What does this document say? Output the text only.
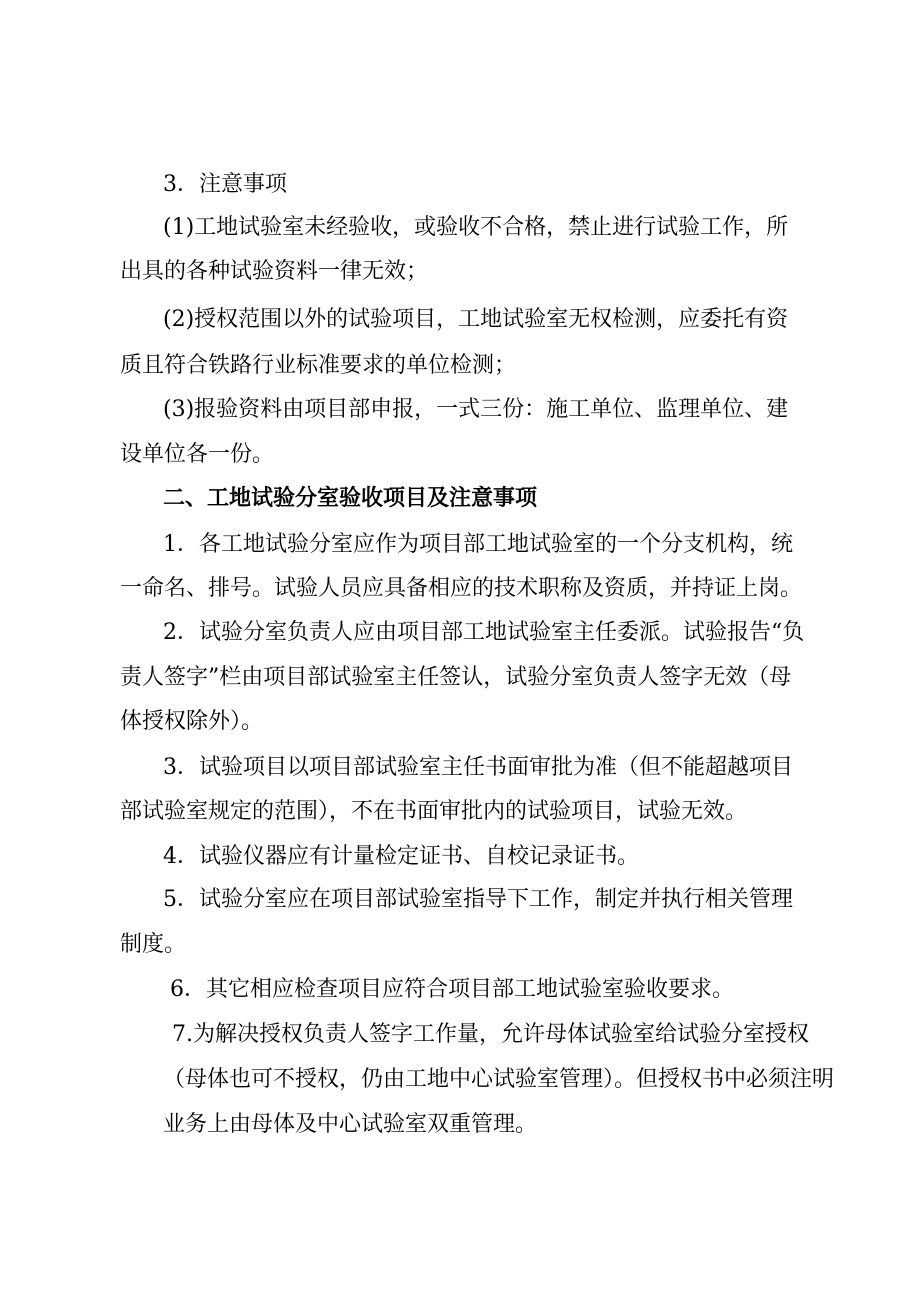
3．注意事项
(1)工地试验室未经验收，或验收不合格，禁止进行试验工作，所
出具的各种试验资料一律无效；
(2)授权范围以外的试验项目，工地试验室无权检测，应委托有资
质且符合铁路行业标准要求的单位检测；
(3)报验资料由项目部申报，一式三份：施工单位、监理单位、建
设单位各一份。
二、工地试验分室验收项目及注意事项
1．各工地试验分室应作为项目部工地试验室的一个分支机构，统
一命名、排号。试验人员应具备相应的技术职称及资质，并持证上岗。
2．试验分室负责人应由项目部工地试验室主任委派。试验报告“负
责人签字”栏由项目部试验室主任签认，试验分室负责人签字无效（母
体授权除外）。
3．试验项目以项目部试验室主任书面审批为准（但不能超越项目
部试验室规定的范围），不在书面审批内的试验项目，试验无效。
4．试验仪器应有计量检定证书、自校记录证书。
5．试验分室应在项目部试验室指导下工作，制定并执行相关管理
制度。
6．其它相应检查项目应符合项目部工地试验室验收要求。
7.为解决授权负责人签字工作量，允许母体试验室给试验分室授权
（母体也可不授权，仍由工地中心试验室管理）。但授权书中必须注明
业务上由母体及中心试验室双重管理。
